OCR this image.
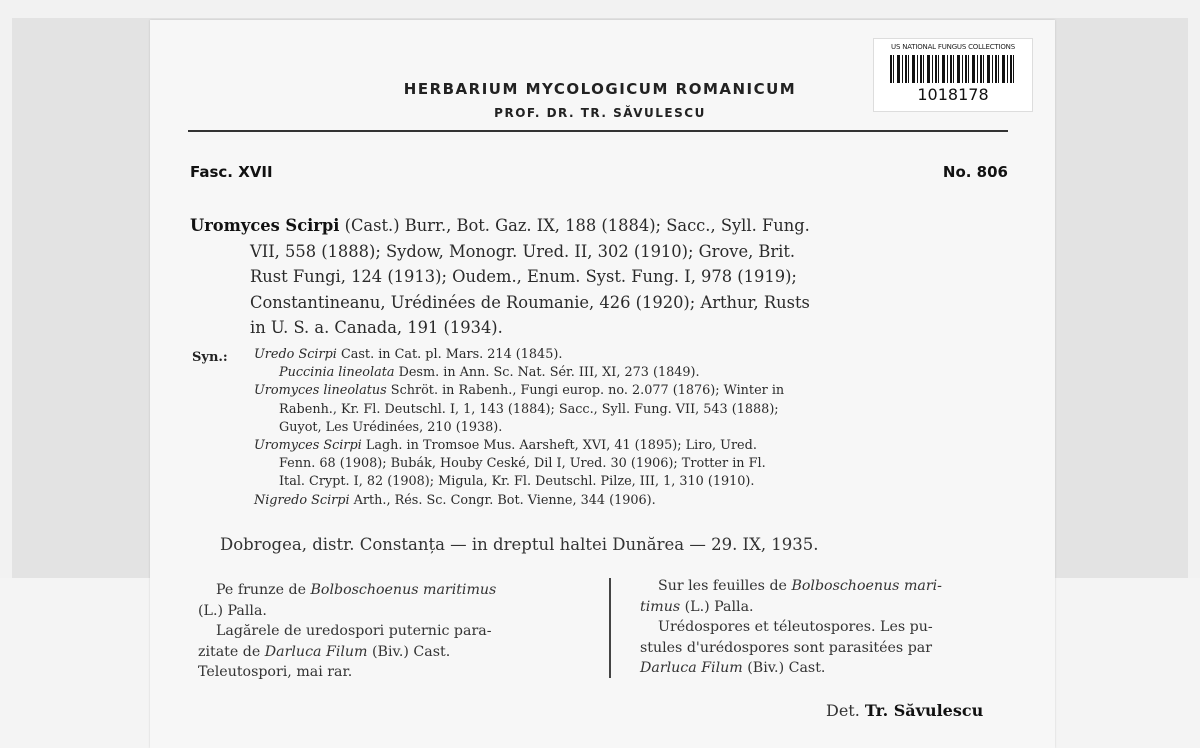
US NATIONAL FUNGUS COLLECTIONS
1018178
HERBARIUM MYCOLOGICUM ROMANICUM
PROF. DR. TR. SĂVULESCU
Fasc. XVII	No. 806
Uromyces Scirpi (Cast.) Burr., Bot. Gaz. IX, 188 (1884); Sacc., Syll. Fung.
VII, 558 (1888); Sydow, Monogr. Ured. II, 302 (1910); Grove, Brit.
Rust Fungi, 124 (1913); Oudem., Enum. Syst. Fung. I, 978 (1919);
Constantineanu, Urédinées de Roumanie, 426 (1920); Arthur, Rusts
in U. S. a. Canada, 191 (1934).
Syn.: Uredo Scirpi Cast. in Cat. pl. Mars. 214 (1845).
Puccinia lineolata Desm. in Ann. Sc. Nat. Sér. III, XI, 273 (1849).
Uromyces lineolatus Schröt. in Rabenh., Fungi europ. no. 2.077 (1876); Winter in
Rabenh., Kr. Fl. Deutschl. I, 1, 143 (1884); Sacc., Syll. Fung. VII, 543 (1888);
Guyot, Les Urédinées, 210 (1938).
Uromyces Scirpi Lagh. in Tromsoe Mus. Aarsheft, XVI, 41 (1895); Liro, Ured.
Fenn. 68 (1908); Bubák, Houby Ceské, Dil I, Ured. 30 (1906); Trotter in Fl.
Ital. Crypt. I, 82 (1908); Migula, Kr. Fl. Deutschl. Pilze, III, 1, 310 (1910).
Nigredo Scirpi Arth., Rés. Sc. Congr. Bot. Vienne, 344 (1906).
Dobrogea, distr. Constanța — in dreptul haltei Dunărea — 29. IX, 1935.
Pe frunze de Bolboschoenus maritimus
(L.) Palla.
Lagărele de uredospori puternic para-
zitate de Darluca Filum (Biv.) Cast.
Teleutospori, mai rar.
Sur les feuilles de Bolboschoenus mari-
timus (L.) Palla.
Urédospores et téleutospores. Les pu-
stules d'urédospores sont parasitées par
Darluca Filum (Biv.) Cast.
Det. Tr. Săvulescu
